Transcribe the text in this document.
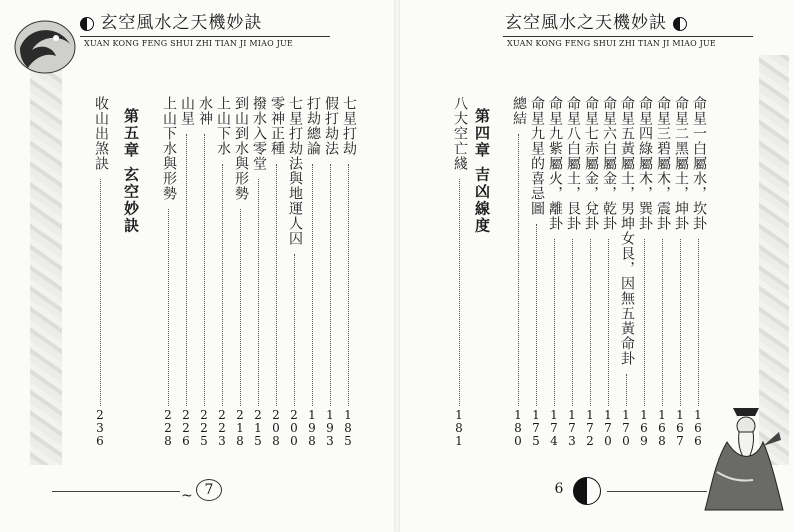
玄空風水之天機妙訣
XUAN KONG FENG SHUI ZHI TIAN JI MIAO JUE
七星打劫
1
8
5
假打劫法
1
9
3
打劫總論
1
9
8
七星打劫法與地運人囚
2
0
0
零神正種
2
0
8
撥水入零堂
2
1
5
到山到水與形勢
2
1
8
上山下水
2
2
3
水神
2
2
5
山星
2
2
6
上山下水與形勢
2
2
8
第五章 玄空妙訣
收山出煞訣
2
3
6
7
~
玄空風水之天機妙訣
XUAN KONG FENG SHUI ZHI TIAN JI MIAO JUE
八大空亡綫
1
8
1
第四章 吉凶線度	命星一白屬水，坎卦
1
6
6
命星二黑屬土，坤卦
1
6
7
命星三碧屬木，震卦
1
6
8
命星四綠屬木，巽卦
1
6
9
命星五黃屬土，男坤女艮，因無五黃命卦
1
7
0
命星六白屬金，乾卦
1
7
0
命星七赤屬金，兌卦
1
7
2
命星八白屬土，艮卦
1
7
3
命星九紫屬火，離卦
1
7
4
命星九星的喜忌圖
1
7
5
總結
1
8
0
6
